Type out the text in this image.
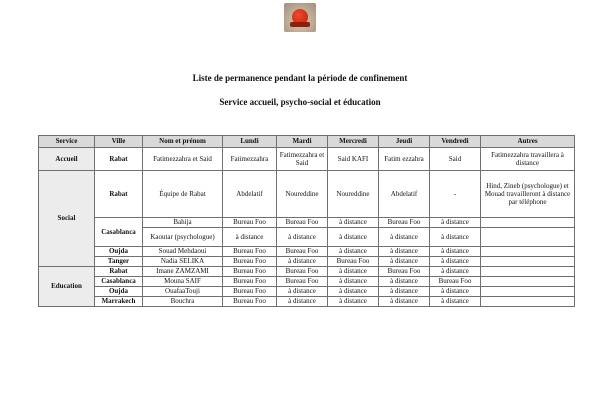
Liste de permanence pendant la période de confinement
Service accueil, psycho-social et éducation
Service	Ville	Nom et prénom	Lundi	Mardi	Mercredi	Jeudi	Vendredi	Autres
Accueil	Rabat	Fatimezzahra et Said	Fatimezzahra	Fatimezzahra et Said	Said KAFI	Fatim ezzahra	Said	Fatimezzahra travaillera à distance
Social	Rabat	Équipe de Rabat	Abdelatif	Noureddine	Noureddine	Abdelatif	-	Hind, Zineb (psychologue) et Mouad travailleront à distance par téléphone
	Casablanca	Bahija	Bureau Foo	Bureau Foo	à distance	Bureau Foo	à distance	
		Kaoutar (psychologue)	à distance	à distance	à distance	à distance	à distance	
	Oujda	Souad Mehdaoui	Bureau Foo	Bureau Foo	à distance	à distance	à distance	
	Tanger	Nadia SELIKA	Bureau Foo	à distance	Bureau Foo	à distance	à distance	
Education	Rabat	Imane ZAMZAMI	Bureau Foo	Bureau Foo	à distance	Bureau Foo	à distance	
	Casablanca	Mouna SAIF	Bureau Foo	Bureau Foo	à distance	à distance	Bureau Foo	
	Oujda	OuafaaTouji	Bureau Foo	à distance	à distance	à distance	à distance	
	Marrakech	Bouchra	Bureau Foo	à distance	à distance	à distance	à distance	
